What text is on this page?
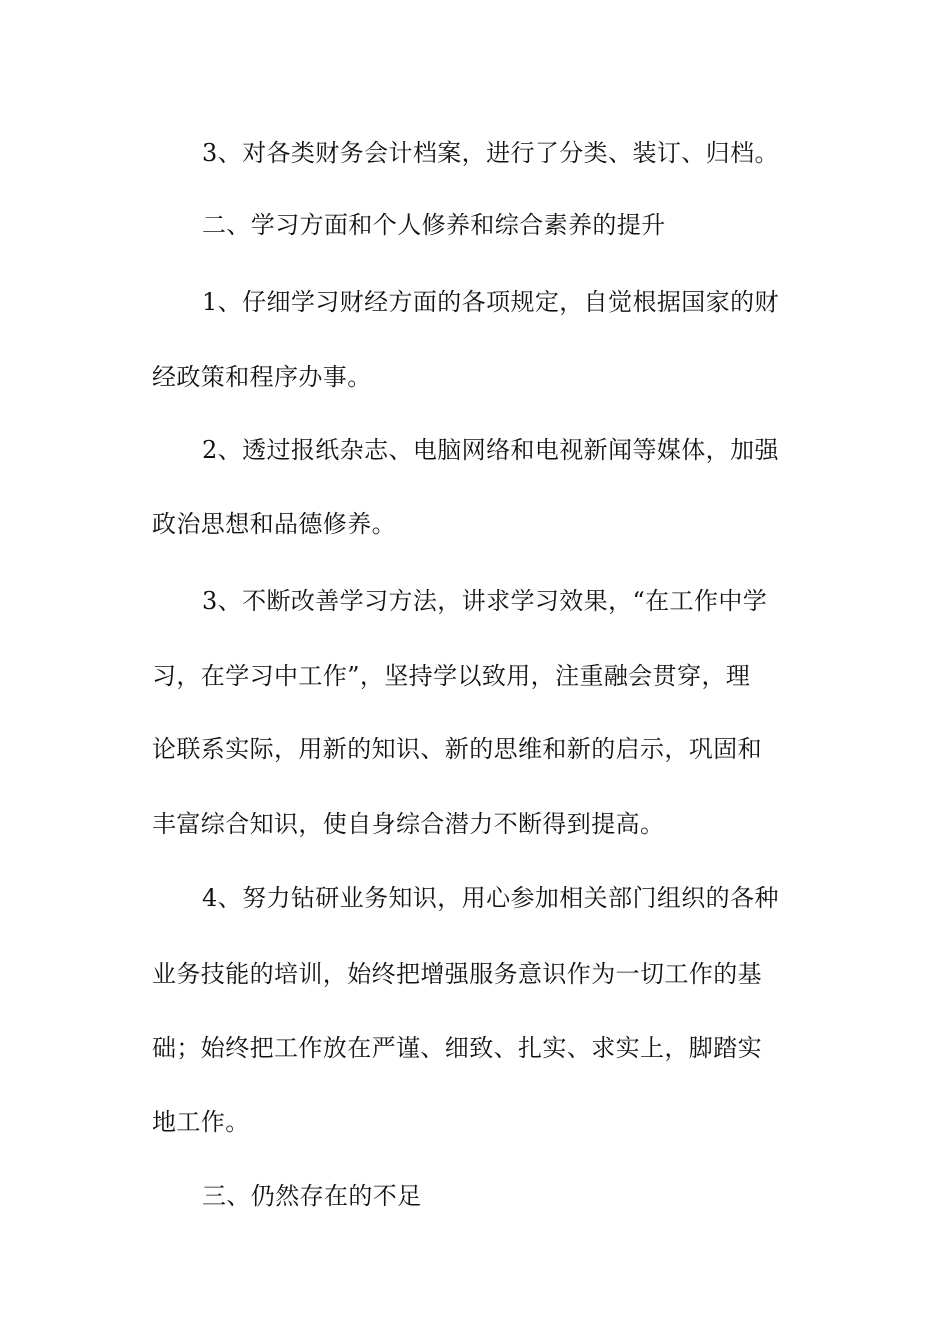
3、对各类财务会计档案，进行了分类、装订、归档。
二、学习方面和个人修养和综合素养的提升
1、仔细学习财经方面的各项规定，自觉根据国家的财
经政策和程序办事。
2、透过报纸杂志、电脑网络和电视新闻等媒体，加强
政治思想和品德修养。
3、不断改善学习方法，讲求学习效果，“在工作中学
习，在学习中工作”，坚持学以致用，注重融会贯穿，理
论联系实际，用新的知识、新的思维和新的启示，巩固和
丰富综合知识，使自身综合潜力不断得到提高。
4、努力钻研业务知识，用心参加相关部门组织的各种
业务技能的培训，始终把增强服务意识作为一切工作的基
础；始终把工作放在严谨、细致、扎实、求实上，脚踏实
地工作。
三、仍然存在的不足
